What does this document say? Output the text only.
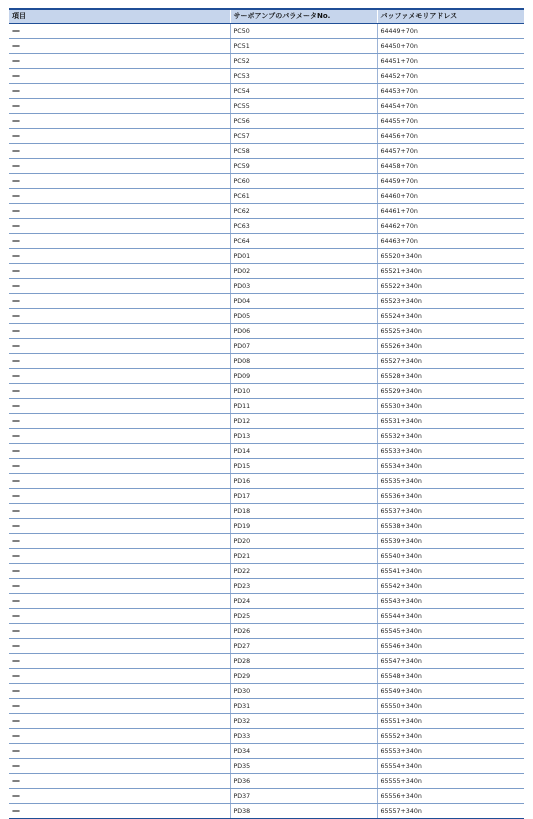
項目	サーボアンプのパラメータNo.	バッファメモリアドレス
—	PC50	64449+70n
—	PC51	64450+70n
—	PC52	64451+70n
—	PC53	64452+70n
—	PC54	64453+70n
—	PC55	64454+70n
—	PC56	64455+70n
—	PC57	64456+70n
—	PC58	64457+70n
—	PC59	64458+70n
—	PC60	64459+70n
—	PC61	64460+70n
—	PC62	64461+70n
—	PC63	64462+70n
—	PC64	64463+70n
—	PD01	65520+340n
—	PD02	65521+340n
—	PD03	65522+340n
—	PD04	65523+340n
—	PD05	65524+340n
—	PD06	65525+340n
—	PD07	65526+340n
—	PD08	65527+340n
—	PD09	65528+340n
—	PD10	65529+340n
—	PD11	65530+340n
—	PD12	65531+340n
—	PD13	65532+340n
—	PD14	65533+340n
—	PD15	65534+340n
—	PD16	65535+340n
—	PD17	65536+340n
—	PD18	65537+340n
—	PD19	65538+340n
—	PD20	65539+340n
—	PD21	65540+340n
—	PD22	65541+340n
—	PD23	65542+340n
—	PD24	65543+340n
—	PD25	65544+340n
—	PD26	65545+340n
—	PD27	65546+340n
—	PD28	65547+340n
—	PD29	65548+340n
—	PD30	65549+340n
—	PD31	65550+340n
—	PD32	65551+340n
—	PD33	65552+340n
—	PD34	65553+340n
—	PD35	65554+340n
—	PD36	65555+340n
—	PD37	65556+340n
—	PD38	65557+340n
